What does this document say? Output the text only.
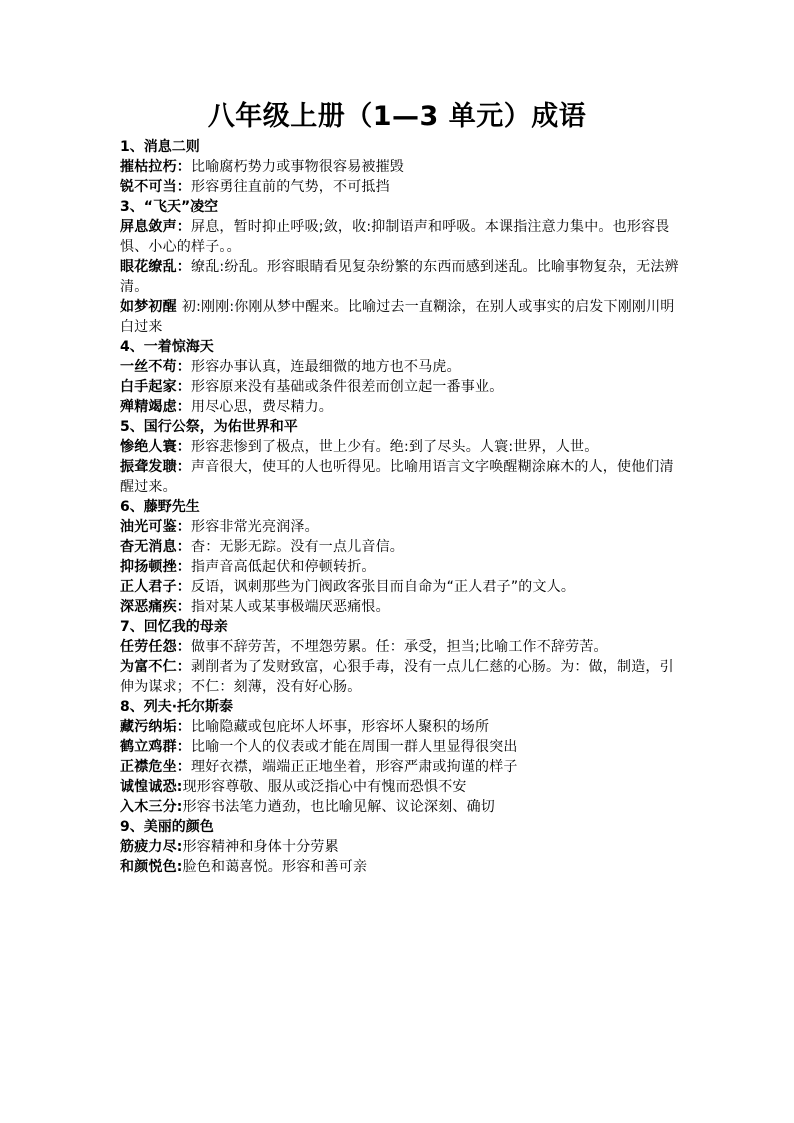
八年级上册（1—3 单元）成语

1、消息二则

摧枯拉朽：比喻腐朽势力或事物很容易被摧毁

锐不可当：形容勇往直前的气势，不可抵挡

3、“飞天”凌空

屏息敛声：屏息，暂时抑止呼吸;敛，收:抑制语声和呼吸。本课指注意力集中。也形容畏惧、小心的样子。。

眼花缭乱：缭乱:纷乱。形容眼睛看见复杂纷繁的东西而感到迷乱。比喻事物复杂，无法辨清。

如梦初醒 初:刚刚:你刚从梦中醒来。比喻过去一直糊涂，在别人或事实的启发下刚刚川明白过来

4、一着惊海天

一丝不苟：形容办事认真，连最细微的地方也不马虎。

白手起家：形容原来没有基础或条件很差而创立起一番事业。

殚精竭虑：用尽心思，费尽精力。

5、国行公祭，为佑世界和平

惨绝人寰：形容悲惨到了极点，世上少有。绝:到了尽头。人寰:世界，人世。

振聋发聩：声音很大，使耳的人也听得见。比喻用语言文字唤醒糊涂麻木的人，使他们清醒过来。

6、藤野先生

油光可鉴：形容非常光亮润泽。

杳无消息：杳：无影无踪。没有一点儿音信。

抑扬顿挫：指声音高低起伏和停顿转折。

正人君子：反语，讽刺那些为门阀政客张目而自命为“正人君子”的文人。

深恶痛疾：指对某人或某事极端厌恶痛恨。

7、回忆我的母亲

任劳任怨：做事不辞劳苦，不埋怨劳累。任：承受，担当;比喻工作不辞劳苦。

为富不仁：剥削者为了发财致富，心狠手毒，没有一点儿仁慈的心肠。为：做，制造，引伸为谋求；不仁：刻薄，没有好心肠。

8、列夫·托尔斯泰

藏污纳垢：比喻隐藏或包庇坏人坏事，形容坏人聚积的场所

鹤立鸡群：比喻一个人的仪表或才能在周围一群人里显得很突出

正襟危坐：理好衣襟，端端正正地坐着，形容严肃或拘谨的样子

诚惶诚恐:现形容尊敬、服从或泛指心中有愧而恐惧不安

入木三分:形容书法笔力遒劲，也比喻见解、议论深刻、确切

9、美丽的颜色

筋疲力尽:形容精神和身体十分劳累

和颜悦色:脸色和蔼喜悦。形容和善可亲
